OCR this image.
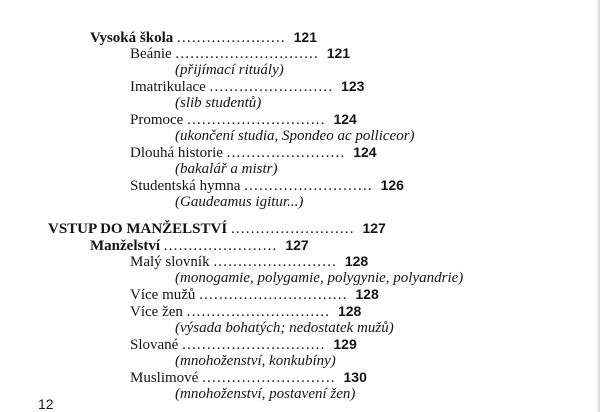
Vysoká škola ...................... 121
Beánie ............................. 121
(přijímací rituály)
Imatrikulace ......................... 123
(slib studentů)
Promoce ............................ 124
(ukončení studia, Spondeo ac polliceor)
Dlouhá historie ........................ 124
(bakalář a mistr)
Studentská hymna .......................... 126
(Gaudeamus igitur...)
VSTUP DO MANŽELSTVÍ ......................... 127
Manželství ....................... 127
Malý slovník ......................... 128
(monogamie, polygamie, polygynie, polyandrie)
Více mužů .............................. 128
Více žen ............................. 128
(výsada bohatých; nedostatek mužů)
Slované ............................. 129
(mnohoženství, konkubíny)
Muslimové ........................... 130
(mnohoženství, postavení žen)
12
